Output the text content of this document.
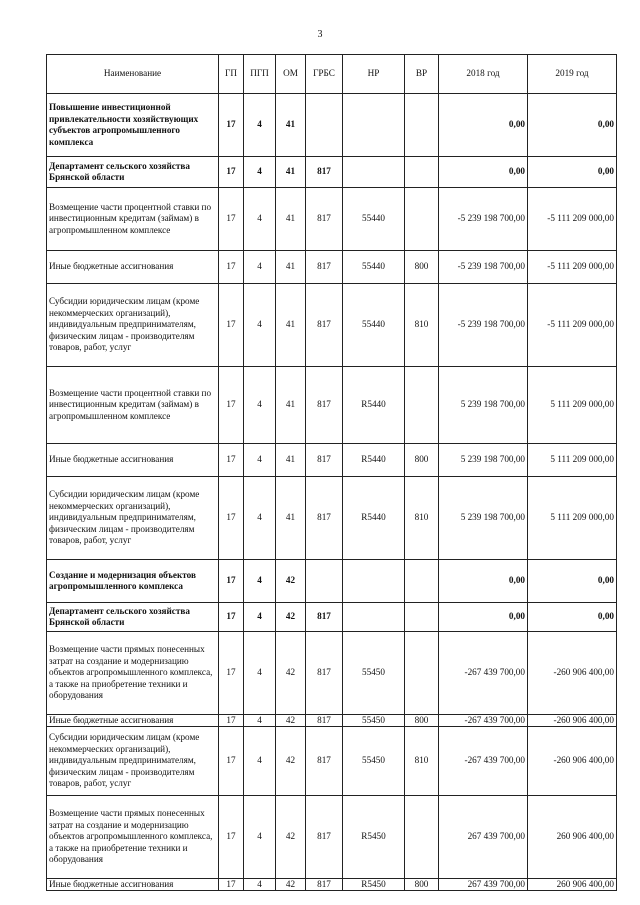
3
Наименование	ГП	ПГП	ОМ	ГРБС	НР	ВР	2018 год	2019 год
Повышение инвестиционной привлекательности хозяйствующих субъектов агропромышленного комплекса	17	4	41				0,00	0,00
Департамент сельского хозяйства Брянской области	17	4	41	817			0,00	0,00
Возмещение части процентной ставки по инвестиционным кредитам (займам) в агропромышленном комплексе	17	4	41	817	55440		-5 239 198 700,00	-5 111 209 000,00
Иные бюджетные ассигнования	17	4	41	817	55440	800	-5 239 198 700,00	-5 111 209 000,00
Субсидии юридическим лицам (кроме некоммерческих организаций), индивидуальным предпринимателям, физическим лицам - производителям товаров, работ, услуг	17	4	41	817	55440	810	-5 239 198 700,00	-5 111 209 000,00
Возмещение части процентной ставки по инвестиционным кредитам (займам) в агропромышленном комплексе	17	4	41	817	R5440		5 239 198 700,00	5 111 209 000,00
Иные бюджетные ассигнования	17	4	41	817	R5440	800	5 239 198 700,00	5 111 209 000,00
Субсидии юридическим лицам (кроме некоммерческих организаций), индивидуальным предпринимателям, физическим лицам - производителям товаров, работ, услуг	17	4	41	817	R5440	810	5 239 198 700,00	5 111 209 000,00
Создание и модернизация объектов агропромышленного комплекса	17	4	42				0,00	0,00
Департамент сельского хозяйства Брянской области	17	4	42	817			0,00	0,00
Возмещение части прямых понесенных затрат на создание и модернизацию объектов агропромышленного комплекса, а также на приобретение техники и оборудования	17	4	42	817	55450		-267 439 700,00	-260 906 400,00
Иные бюджетные ассигнования	17	4	42	817	55450	800	-267 439 700,00	-260 906 400,00
Субсидии юридическим лицам (кроме некоммерческих организаций), индивидуальным предпринимателям, физическим лицам - производителям товаров, работ, услуг	17	4	42	817	55450	810	-267 439 700,00	-260 906 400,00
Возмещение части прямых понесенных затрат на создание и модернизацию объектов агропромышленного комплекса, а также на приобретение техники и оборудования	17	4	42	817	R5450		267 439 700,00	260 906 400,00
Иные бюджетные ассигнования	17	4	42	817	R5450	800	267 439 700,00	260 906 400,00
